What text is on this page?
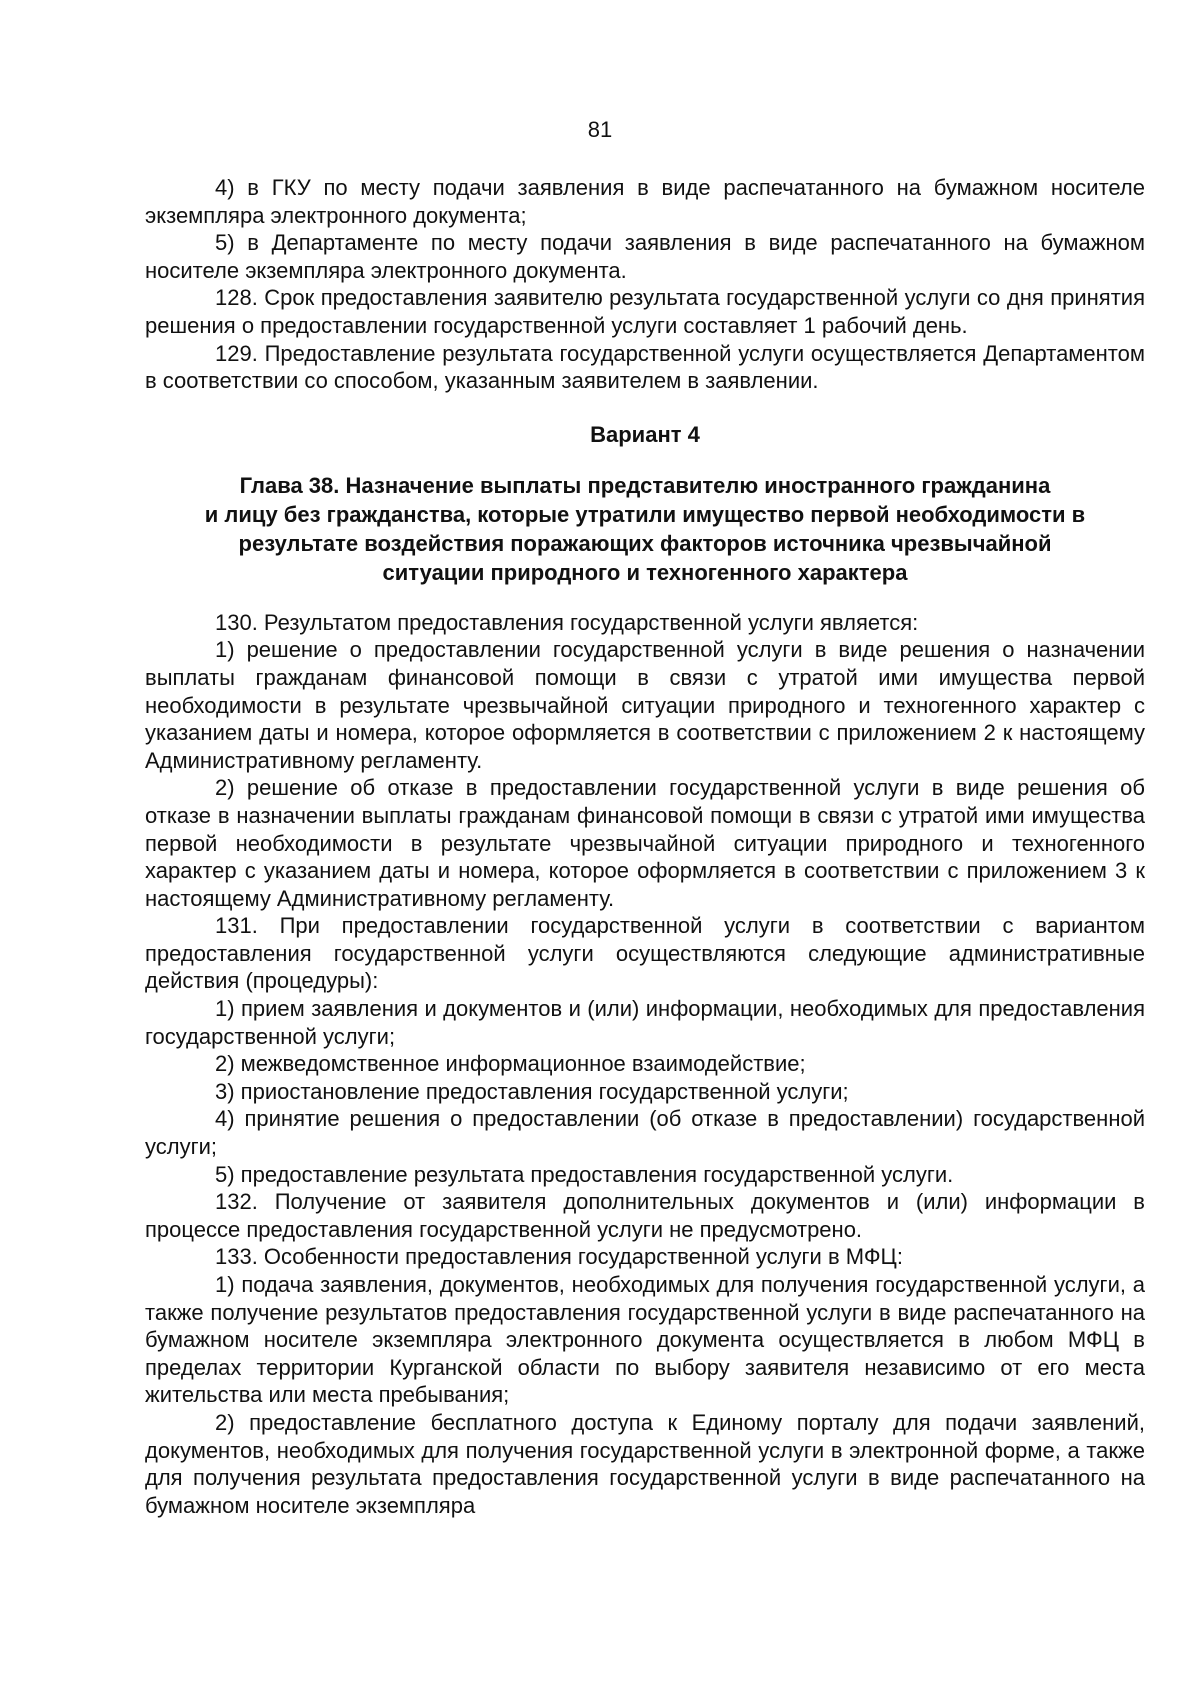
81

4) в ГКУ по месту подачи заявления в виде распечатанного на бумажном носителе экземпляра электронного документа;

5) в Департаменте по месту подачи заявления в виде распечатанного на бумажном носителе экземпляра электронного документа.

128. Срок предоставления заявителю результата государственной услуги со дня принятия решения о предоставлении государственной услуги составляет 1 рабочий день.

129. Предоставление результата государственной услуги осуществляется Департаментом в соответствии со способом, указанным заявителем в заявлении.

Вариант 4
Глава 38. Назначение выплаты представителю иностранного гражданина
и лицу без гражданства, которые утратили имущество первой необходимости в
результате воздействия поражающих факторов источника чрезвычайной
ситуации природного и техногенного характера

130. Результатом предоставления государственной услуги является:

1) решение о предоставлении государственной услуги в виде решения о назначении выплаты гражданам финансовой помощи в связи с утратой ими имущества первой необходимости в результате чрезвычайной ситуации природного и техногенного характер с указанием даты и номера, которое оформляется в соответствии с приложением 2 к настоящему Административному регламенту.

2) решение об отказе в предоставлении государственной услуги в виде решения об отказе в назначении выплаты гражданам финансовой помощи в связи с утратой ими имущества первой необходимости в результате чрезвычайной ситуации природного и техногенного характер с указанием даты и номера, которое оформляется в соответствии с приложением 3 к настоящему Административному регламенту.

131. При предоставлении государственной услуги в соответствии с вариантом предоставления государственной услуги осуществляются следующие административные действия (процедуры):

1) прием заявления и документов и (или) информации, необходимых для предоставления государственной услуги;

2) межведомственное информационное взаимодействие;

3) приостановление предоставления государственной услуги;

4) принятие решения о предоставлении (об отказе в предоставлении) государственной услуги;

5) предоставление результата предоставления государственной услуги.

132. Получение от заявителя дополнительных документов и (или) информации в процессе предоставления государственной услуги не предусмотрено.

133. Особенности предоставления государственной услуги в МФЦ:

1) подача заявления, документов, необходимых для получения государственной услуги, а также получение результатов предоставления государственной услуги в виде распечатанного на бумажном носителе экземпляра электронного документа осуществляется в любом МФЦ в пределах территории Курганской области по выбору заявителя независимо от его места жительства или места пребывания;

2) предоставление бесплатного доступа к Единому порталу для подачи заявлений, документов, необходимых для получения государственной услуги в электронной форме, а также для получения результата предоставления государственной услуги в виде распечатанного на бумажном носителе экземпляра
